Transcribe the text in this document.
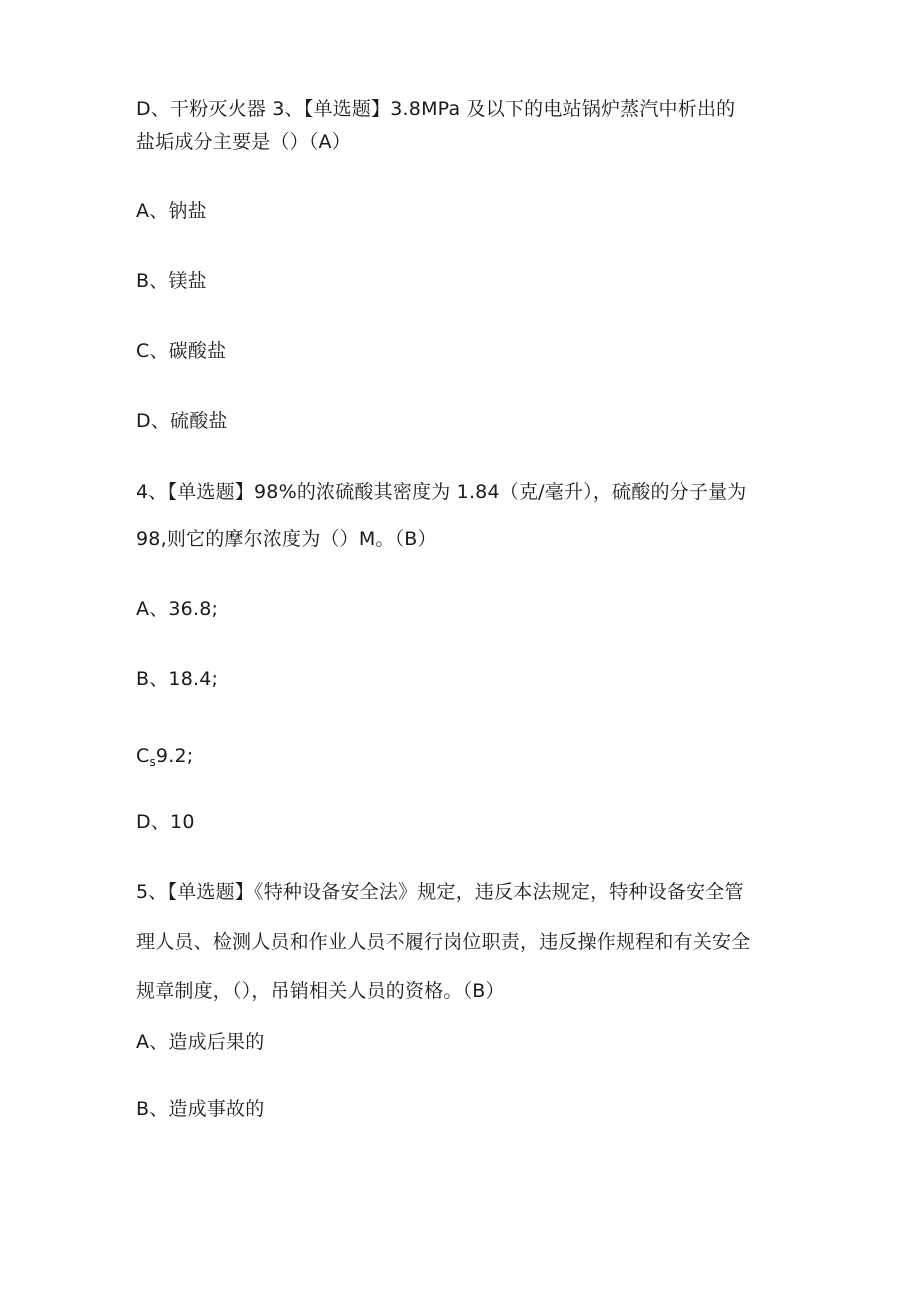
D、干粉灭火器 3、【单选题】3.8MPa 及以下的电站锅炉蒸汽中析出的
盐垢成分主要是（）（A）
A、钠盐
B、镁盐
C、碳酸盐
D、硫酸盐
4、【单选题】98%的浓硫酸其密度为 1.84（克/毫升），硫酸的分子量为
98,则它的摩尔浓度为（）M。（B）
A、36.8;
B、18.4;
$C_s9.2$;
D、10
5、【单选题】《特种设备安全法》规定，违反本法规定，特种设备安全管
理人员、检测人员和作业人员不履行岗位职责，违反操作规程和有关安全
规章制度，（），吊销相关人员的资格。（B）
A、造成后果的
B、造成事故的
